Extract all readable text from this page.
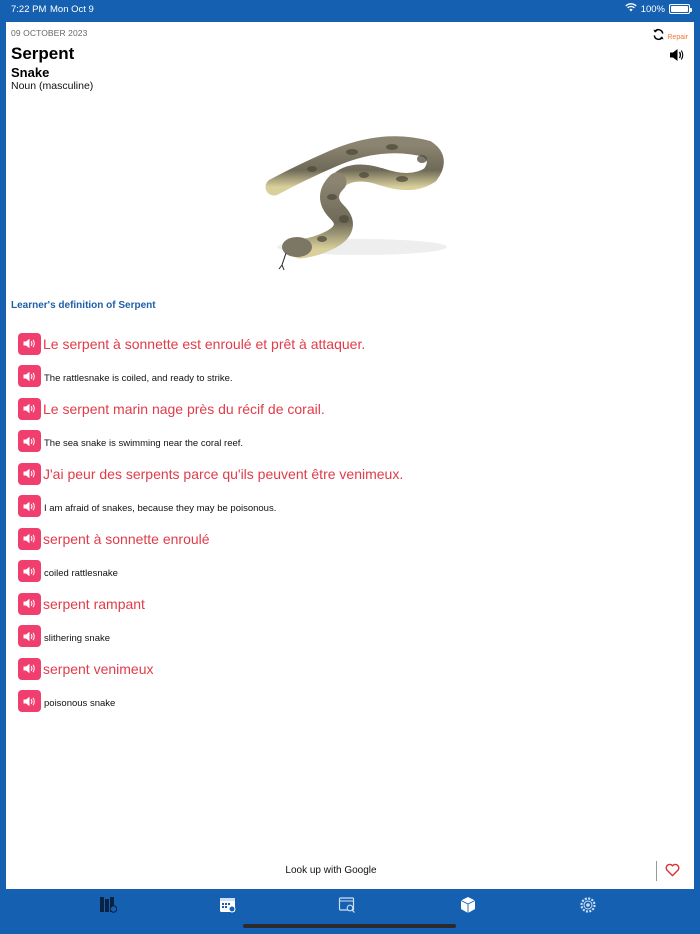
7:22 PM Mon Oct 9	100%
09 OCTOBER 2023
Serpent
Snake
Noun (masculine)
Repair
Learner's definition of Serpent
Le serpent à sonnette est enroulé et prêt à attaquer.
The rattlesnake is coiled, and ready to strike.
Le serpent marin nage près du récif de corail.
The sea snake is swimming near the coral reef.
J'ai peur des serpents parce qu'ils peuvent être venimeux.
I am afraid of snakes, because they may be poisonous.
serpent à sonnette enroulé
coiled rattlesnake
serpent rampant
slithering snake
serpent venimeux
poisonous snake
Look up with Google
